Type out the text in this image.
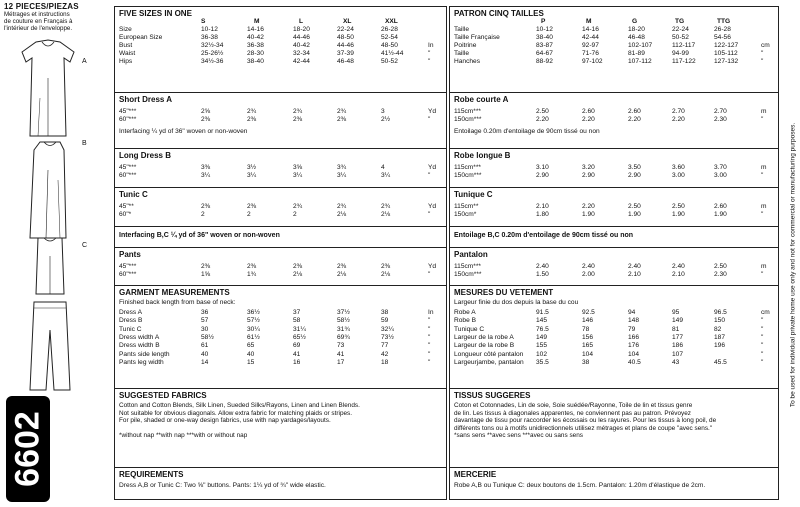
12 PIECES/PIEZAS
Métrages et instructions
de couture en Français à
l'intérieur de l'enveloppe.
A
B
C
6602
FIVE SIZES IN ONE
S	M	L	XL	XXL
Size	10-12	14-16	18-20	22-24	26-28
European Size	36-38	40-42	44-46	48-50	52-54
Bust	32½-34	36-38	40-42	44-46	48-50	In
Waist	25-26½	28-30	32-34	37-39	41½-44	"
Hips	34½-36	38-40	42-44	46-48	50-52	"
Short Dress A
45"***	2⅝	2¾	2¾	2¾	3	Yd
60"***	2⅜	2⅜	2⅜	2⅜	2½	"
Interfacing ¼ yd of 36" woven or non-woven
Long Dress B
45"***	3⅜	3½	3⅝	3¾	4	Yd
60"***	3¼	3¼	3¼	3¼	3¼	"
Tunic C
45"**	2⅜	2⅜	2¾	2¾	2¾	Yd
60"*	2	2	2	2⅛	2⅛	"
Interfacing B,C ¼ yd of 36" woven or non-woven
Pants
45"***	2⅜	2⅜	2⅜	2⅜	2⅜	Yd
60"***	1⅝	1¾	2⅛	2⅛	2⅛	"
GARMENT MEASUREMENTS
Finished back length from base of neck:
Dress A	36	36½	37	37½	38	In
Dress B	57	57½	58	58½	59	"
Tunic C	30	30¼	31¼	31¾	32¼	"
Dress width A	58½	61½	65½	69¾	73½	"
Dress width B	61	65	69	73	77	"
Pants side length	40	40	41	41	42	"
Pants leg width	14	15	16	17	18	"
SUGGESTED FABRICS
Cotton and Cotton Blends, Silk Linen, Sueded Silks/Rayons, Linen and Linen Blends.
Not suitable for obvious diagonals. Allow extra fabric for matching plaids or stripes.
For pile, shaded or one-way design fabrics, use with nap yardages/layouts.
*without nap **with nap ***with or without nap
REQUIREMENTS
Dress A,B or Tunic C: Two ⅝" buttons. Pants: 1¼ yd of ¾" wide elastic.
PATRON CINQ TAILLES
P	M	G	TG	TTG
Taille	10-12	14-16	18-20	22-24	26-28
Taille Française	38-40	42-44	46-48	50-52	54-56
Poitrine	83-87	92-97	102-107	112-117	122-127	cm
Taille	64-67	71-76	81-89	94-99	105-112	"
Hanches	88-92	97-102	107-112	117-122	127-132	"
Robe courte A
115cm***	2.50	2.60	2.60	2.70	2.70	m
150cm***	2.20	2.20	2.20	2.20	2.30	"
Entoilage 0.20m d'entoilage de 90cm tissé ou non
Robe longue B
115cm***	3.10	3.20	3.50	3.60	3.70	m
150cm***	2.90	2.90	2.90	3.00	3.00	"
Tunique C
115cm**	2.10	2.20	2.50	2.50	2.60	m
150cm*	1.80	1.90	1.90	1.90	1.90	"
Entoilage B,C 0.20m d'entoilage de 90cm tissé ou non
Pantalon
115cm***	2.40	2.40	2.40	2.40	2.50	m
150cm***	1.50	2.00	2.10	2.10	2.30	"
MESURES DU VETEMENT
Largeur finie du dos depuis la base du cou
Robe A	91.5	92.5	94	95	96.5	cm
Robe B	145	146	148	149	150	"
Tunique C	76.5	78	79	81	82	"
Largeur de la robe A	149	156	166	177	187	"
Largeur de la robe B	155	165	176	186	196	"
Longueur côté pantalon 102	104	104	107	"
Largeurjambe, pantalon 35.5	38	40.5	43	45.5	"
TISSUS SUGGERES
Coton et Cotonnades, Lin de soie, Soie suédée/Rayonne, Toile de lin et tissus genre
de lin. Les tissus à diagonales apparentes, ne conviennent pas au patron. Prévoyez
davantage de tissu pour raccorder les écossais ou les rayures. Pour les tissus à long poil, de
différents tons ou à motifs unidirectionnels utilisez métrages et plans de coupe "avec sens."
*sans sens **avec sens ***avec ou sans sens
MERCERIE
Robe A,B ou Tunique C: deux boutons de 1.5cm. Pantalon: 1.20m d'élastique de 2cm.
To be used for individual private home use only and not for commercial or manufacturing purposes.
